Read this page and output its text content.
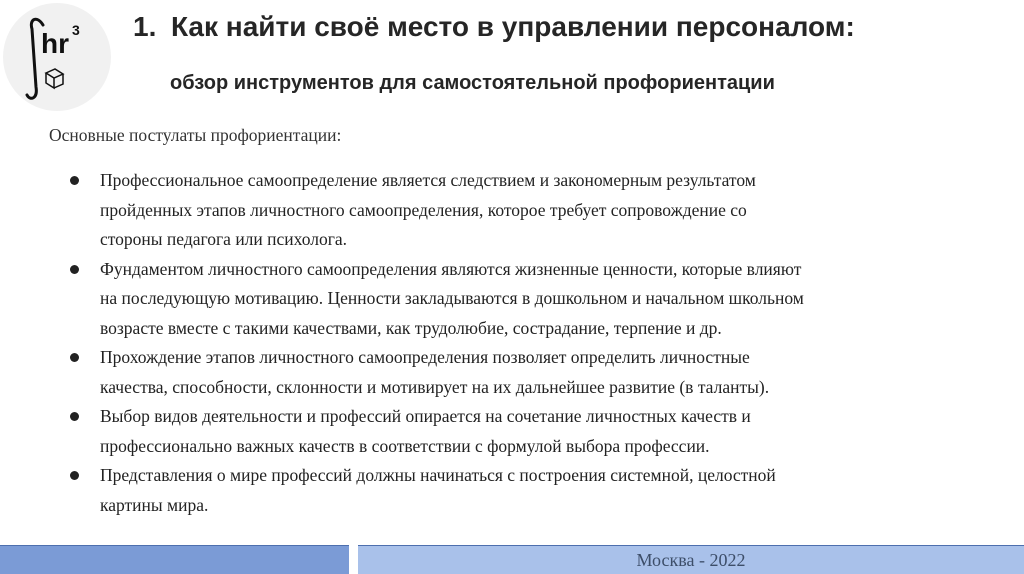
hr 3 1. Как найти своё место в управлении персоналом:
обзор инструментов для самостоятельной профориентации

Основные постулаты профориентации:

Профессиональное самоопределение является следствием и закономерным результатом
пройденных этапов личностного самоопределения, которое требует сопровождение со
стороны педагога или психолога.
Фундаментом личностного самоопределения являются жизненные ценности, которые влияют
на последующую мотивацию. Ценности закладываются в дошкольном и начальном школьном
возрасте вместе с такими качествами, как трудолюбие, сострадание, терпение и др.
Прохождение этапов личностного самоопределения позволяет определить личностные
качества, способности, склонности и мотивирует на их дальнейшее развитие (в таланты).
Выбор видов деятельности и профессий опирается на сочетание личностных качеств и
профессионально важных качеств в соответствии с формулой выбора профессии.
Представления о мире профессий должны начинаться с построения системной, целостной
картины мира.
Москва - 2022
